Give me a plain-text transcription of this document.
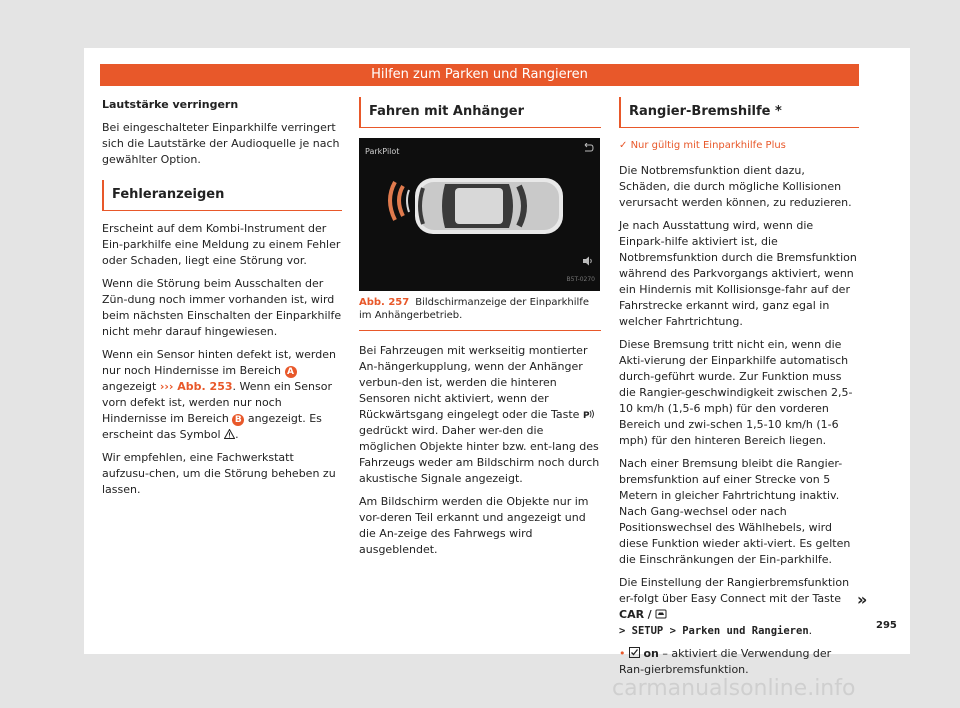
Hilfen zum Parken und Rangieren

Lautstärke verringern

Bei eingeschalteter Einparkhilfe verringert sich die Lautstärke der Audioquelle je nach gewählter Option.

Fehleranzeigen

Erscheint auf dem Kombi-Instrument der Ein-parkhilfe eine Meldung zu einem Fehler oder Schaden, liegt eine Störung vor.

Wenn die Störung beim Ausschalten der Zün-dung noch immer vorhanden ist, wird beim nächsten Einschalten der Einparkhilfe nicht mehr darauf hingewiesen.

Wenn ein Sensor hinten defekt ist, werden nur noch Hindernisse im Bereich A angezeigt ››› Abb. 253. Wenn ein Sensor vorn defekt ist, werden nur noch Hindernisse im Bereich B angezeigt. Es erscheint das Symbol .

Wir empfehlen, eine Fachwerkstatt aufzusu-chen, um die Störung beheben zu lassen.

Fahren mit Anhänger
ParkPilot
B5T-0270
Abb. 257 Bildschirmanzeige der Einparkhilfe im Anhängerbetrieb.

Bei Fahrzeugen mit werkseitig montierter An-hängerkupplung, wenn der Anhänger verbun-den ist, werden die hinteren Sensoren nicht aktiviert, wenn der Rückwärtsgang eingelegt oder die Taste P
gedrückt wird. Daher wer-den die möglichen Objekte hinter bzw. ent-lang des Fahrzeugs weder am Bildschirm noch durch akustische Signale angezeigt.

Am Bildschirm werden die Objekte nur im vor-deren Teil erkannt und angezeigt und die An-zeige des Fahrwegs wird ausgeblendet.

Rangier-Bremshilfe *
✓ Nur gültig mit Einparkhilfe Plus

Die Notbremsfunktion dient dazu, Schäden, die durch mögliche Kollisionen verursacht werden können, zu reduzieren.

Je nach Ausstattung wird, wenn die Einpark-hilfe aktiviert ist, die Notbremsfunktion durch die Bremsfunktion während des Parkvorgangs aktiviert, wenn ein Hindernis mit Kollisionsge-fahr auf der Fahrstrecke erkannt wird, ganz egal in welcher Fahrtrichtung.

Diese Bremsung tritt nicht ein, wenn die Akti-vierung der Einparkhilfe automatisch durch-geführt wurde. Zur Funktion muss die Rangier-geschwindigkeit zwischen 2,5-10 km/h (1,5-6 mph) für den vorderen Bereich und zwi-schen 1,5-10 km/h (1-6 mph) für den hinteren Bereich liegen.

Nach einer Bremsung bleibt die Rangier-bremsfunktion auf einer Strecke von 5 Metern in gleicher Fahrtrichtung inaktiv. Nach Gang-wechsel oder nach Positionswechsel des Wählhebels, wird diese Funktion wieder akti-viert. Es gelten die Einschränkungen der Ein-parkhilfe.

Die Einstellung der Rangierbremsfunktion er-folgt über Easy Connect mit der Taste CAR /
> SETUP > Parken und Rangieren.

• on – aktiviert die Verwendung der Ran-gierbremsfunktion.

»
295
carmanualsonline.info
